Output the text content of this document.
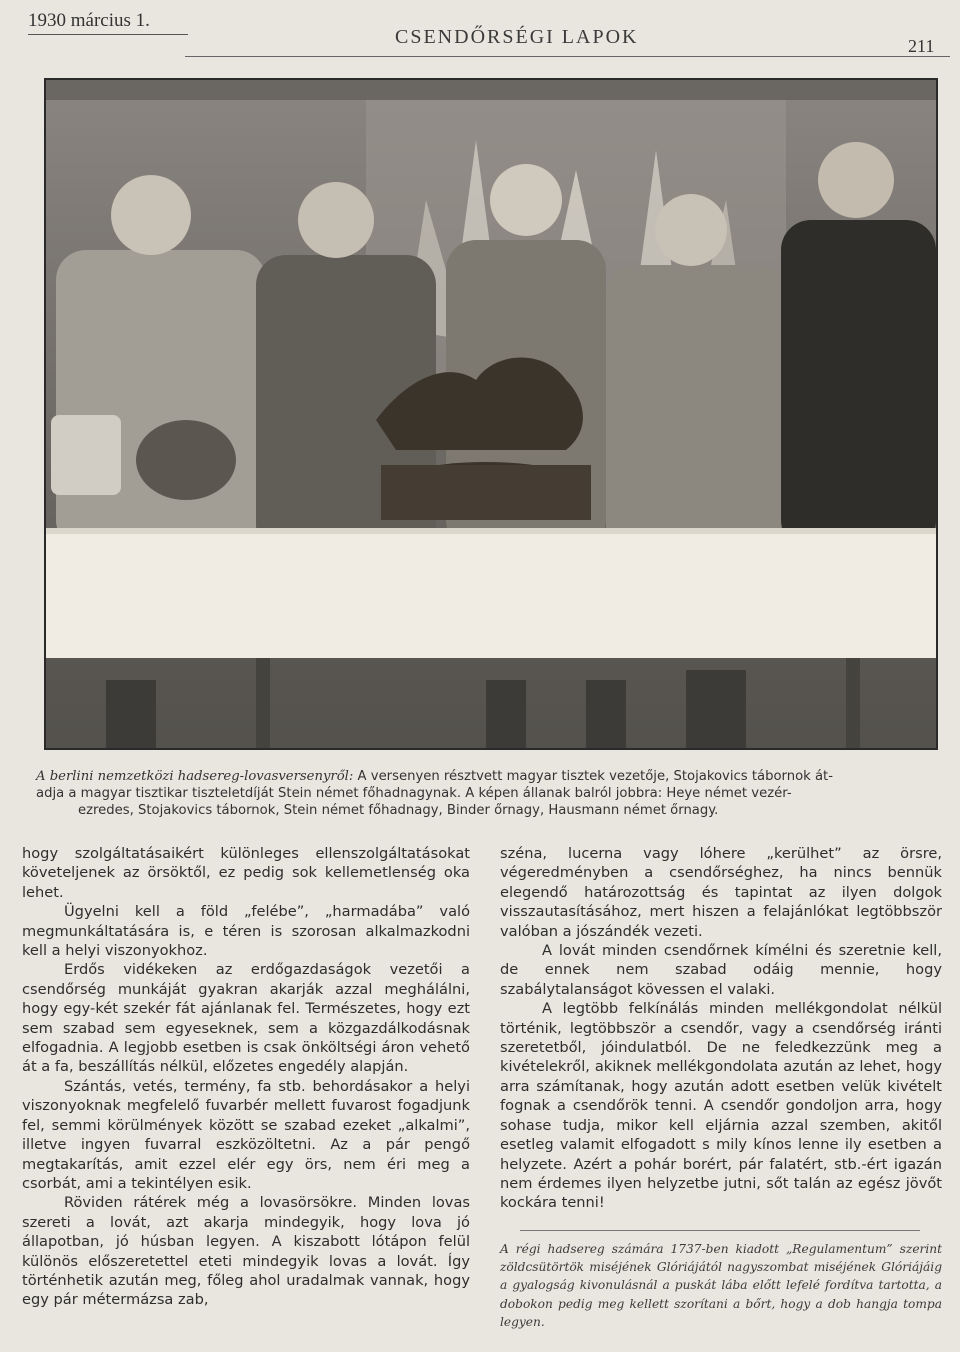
1930 március 1.
CSENDŐRSÉGI LAPOK	211
A berlini nemzetközi hadsereg-lovasversenyről: A versenyen résztvett magyar tisztek vezetője, Stojakovics tábornok át-
adja a magyar tisztikar tiszteletdíját Stein német főhadnagynak. A képen állanak balról jobbra: Heye német vezér-
ezredes, Stojakovics tábornok, Stein német főhadnagy, Binder őrnagy, Hausmann német őrnagy.

hogy szolgáltatásaikért különleges ellenszolgáltatásokat követeljenek az örsöktől, ez pedig sok kellemetlenség oka lehet.

Ügyelni kell a föld „felébe”, „harmadába” való megmunkáltatására is, e téren is szorosan alkalmazkodni kell a helyi viszonyokhoz.

Erdős vidékeken az erdőgazdaságok vezetői a csendőrség munkáját gyakran akarják azzal meghálálni, hogy egy-két szekér fát ajánlanak fel. Természetes, hogy ezt sem szabad sem egyeseknek, sem a közgazdálkodásnak elfogadnia. A legjobb esetben is csak önköltségi áron vehető át a fa, beszállítás nélkül, előzetes engedély alapján.

Szántás, vetés, termény, fa stb. behordásakor a helyi viszonyoknak megfelelő fuvarbér mellett fuvarost fogadjunk fel, semmi körülmények között se szabad ezeket „alkalmi”, illetve ingyen fuvarral eszközöltetni. Az a pár pengő megtakarítás, amit ezzel elér egy örs, nem éri meg a csorbát, ami a tekintélyen esik.

Röviden rátérek még a lovasörsökre. Minden lovas szereti a lovát, azt akarja mindegyik, hogy lova jó állapotban, jó húsban legyen. A kiszabott lótápon felül különös előszeretettel eteti mindegyik lovas a lovát. Így történhetik azután meg, főleg ahol uradalmak vannak, hogy egy pár métermázsa zab,

széna, lucerna vagy lóhere „kerülhet” az örsre, végeredményben a csendőrséghez, ha nincs bennük elegendő határozottság és tapintat az ilyen dolgok visszautasításához, mert hiszen a felajánlókat legtöbbször valóban a jószándék vezeti.

A lovát minden csendőrnek kímélni és szeretnie kell, de ennek nem szabad odáig mennie, hogy szabálytalanságot kövessen el valaki.

A legtöbb felkínálás minden mellékgondolat nélkül történik, legtöbbször a csendőr, vagy a csendőrség iránti szeretetből, jóindulatból. De ne feledkezzünk meg a kivételekről, akiknek mellékgondolata azután az lehet, hogy arra számítanak, hogy azután adott esetben velük kivételt fognak a csendőrök tenni. A csendőr gondoljon arra, hogy sohase tudja, mikor kell eljárnia azzal szemben, akitől esetleg valamit elfogadott s mily kínos lenne ily esetben a helyzete. Azért a pohár borért, pár falatért, stb.-ért igazán nem érdemes ilyen helyzetbe jutni, sőt talán az egész jövőt kockára tenni!

A régi hadsereg számára 1737-ben kiadott „Regulamentum” szerint zöldcsütörtök miséjének Glóriájától nagyszombat miséjének Glóriájáig a gyalogság kivonulásnál a puskát lába előtt lefelé fordítva tartotta, a dobokon pedig meg kellett szorítani a bőrt, hogy a dob hangja tompa legyen.
